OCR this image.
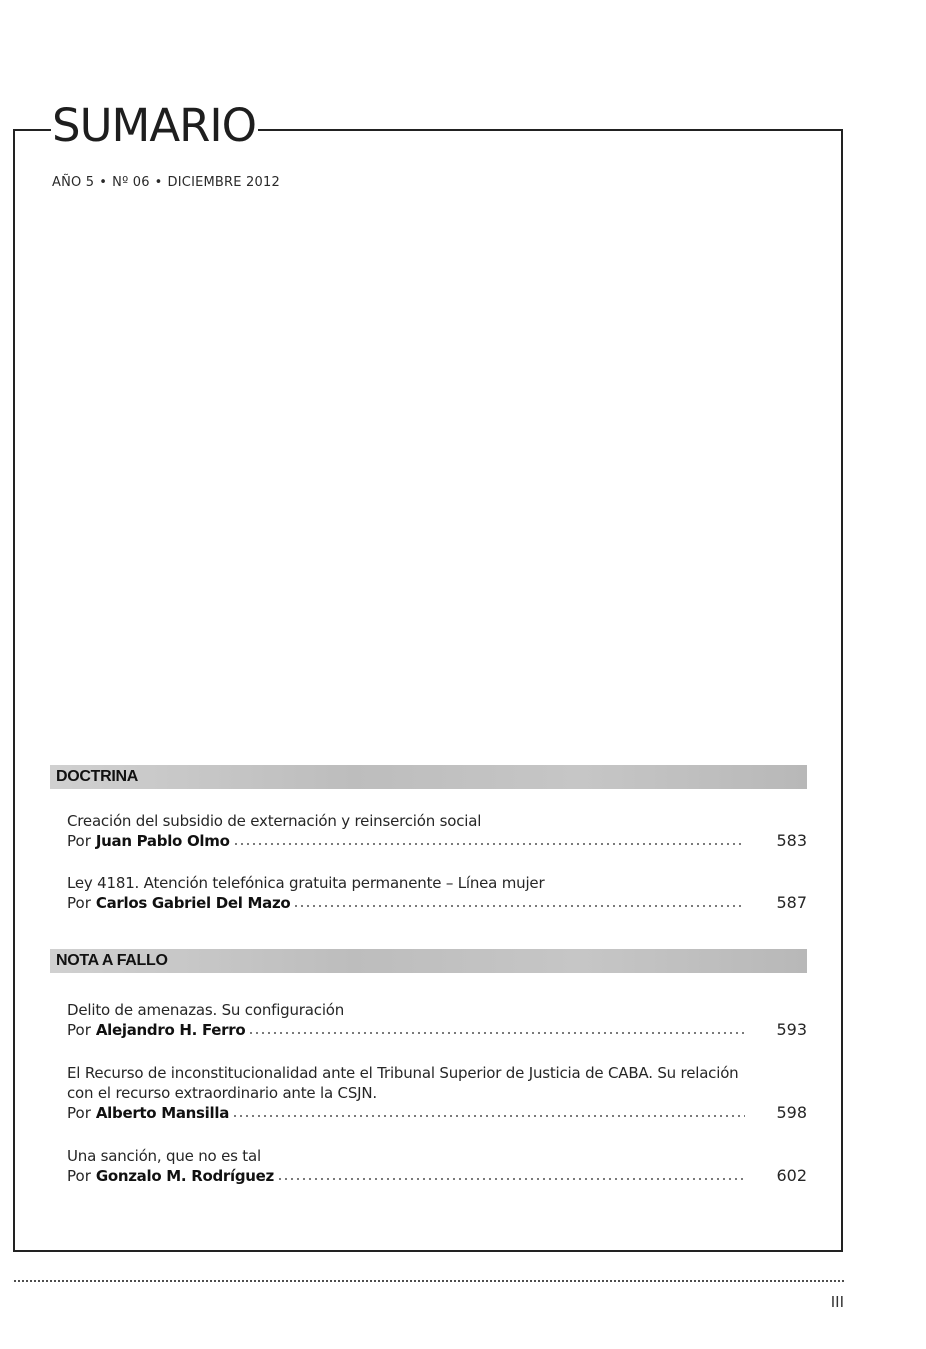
SUMARIO
AÑO 5 • Nº 06 • DICIEMBRE 2012
DOCTRINA
Creación del subsidio de externación y reinserción social
Por Juan Pablo Olmo	583
Ley 4181. Atención telefónica gratuita permanente – Línea mujer
Por Carlos Gabriel Del Mazo	587
NOTA A FALLO
Delito de amenazas. Su configuración
Por Alejandro H. Ferro	593
El Recurso de inconstitucionalidad ante el Tribunal Superior de Justicia de CABA. Su relación con el recurso extraordinario ante la CSJN.
Por Alberto Mansilla	598
Una sanción, que no es tal
Por Gonzalo M. Rodríguez	602
III
